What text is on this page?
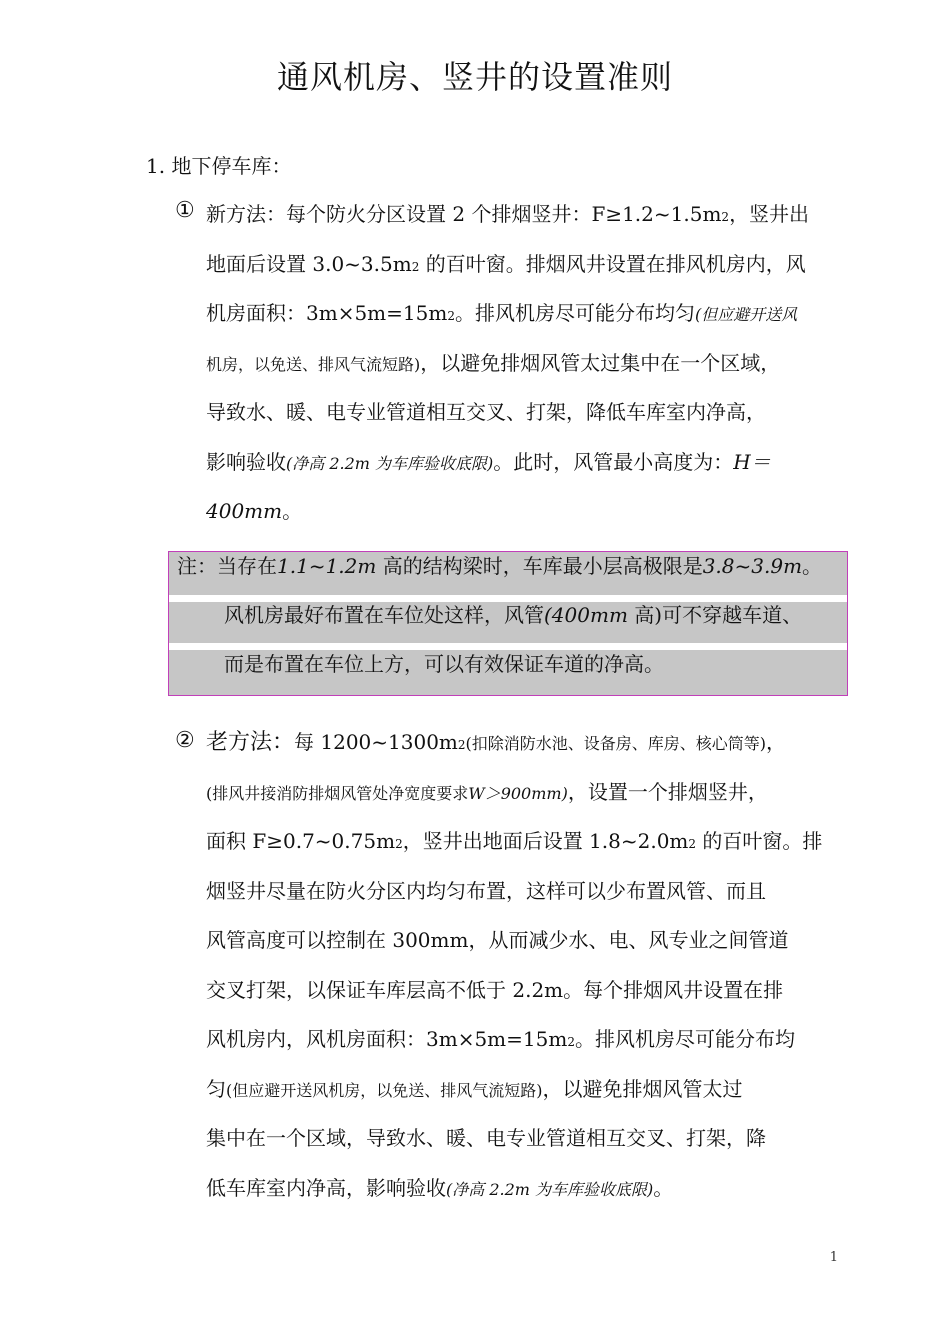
通风机房、竖井的设置准则
1. 地下停车库：
① 新方法：每个防火分区设置 2 个排烟竖井：F≥1.2~1.5m2，竖井出
地面后设置 3.0~3.5m2 的百叶窗。排烟风井设置在排风机房内，风
机房面积：3m×5m=15m2。排风机房尽可能分布均匀(但应避开送风
机房，以免送、排风气流短路)，以避免排烟风管太过集中在一个区域，
导致水、暖、电专业管道相互交叉、打架，降低车库室内净高，
影响验收(净高 2.2m 为车库验收底限)。此时，风管最小高度为：H＝
400mm。
注：当存在1.1~1.2m 高的结构梁时，车库最小层高极限是3.8~3.9m。
风机房最好布置在车位处这样，风管(400mm 高)可不穿越车道、
而是布置在车位上方，可以有效保证车道的净高。
② 老方法：每 1200~1300m2(扣除消防水池、设备房、库房、核心筒等)，
(排风井接消防排烟风管处净宽度要求W＞900mm)，设置一个排烟竖井，
面积 F≥0.7~0.75m2，竖井出地面后设置 1.8~2.0m2 的百叶窗。排
烟竖井尽量在防火分区内均匀布置，这样可以少布置风管、而且
风管高度可以控制在 300mm，从而减少水、电、风专业之间管道
交叉打架，以保证车库层高不低于 2.2m。每个排烟风井设置在排
风机房内，风机房面积：3m×5m=15m2。排风机房尽可能分布均
匀(但应避开送风机房，以免送、排风气流短路)，以避免排烟风管太过
集中在一个区域，导致水、暖、电专业管道相互交叉、打架，降
低车库室内净高，影响验收(净高 2.2m 为车库验收底限)。
1
